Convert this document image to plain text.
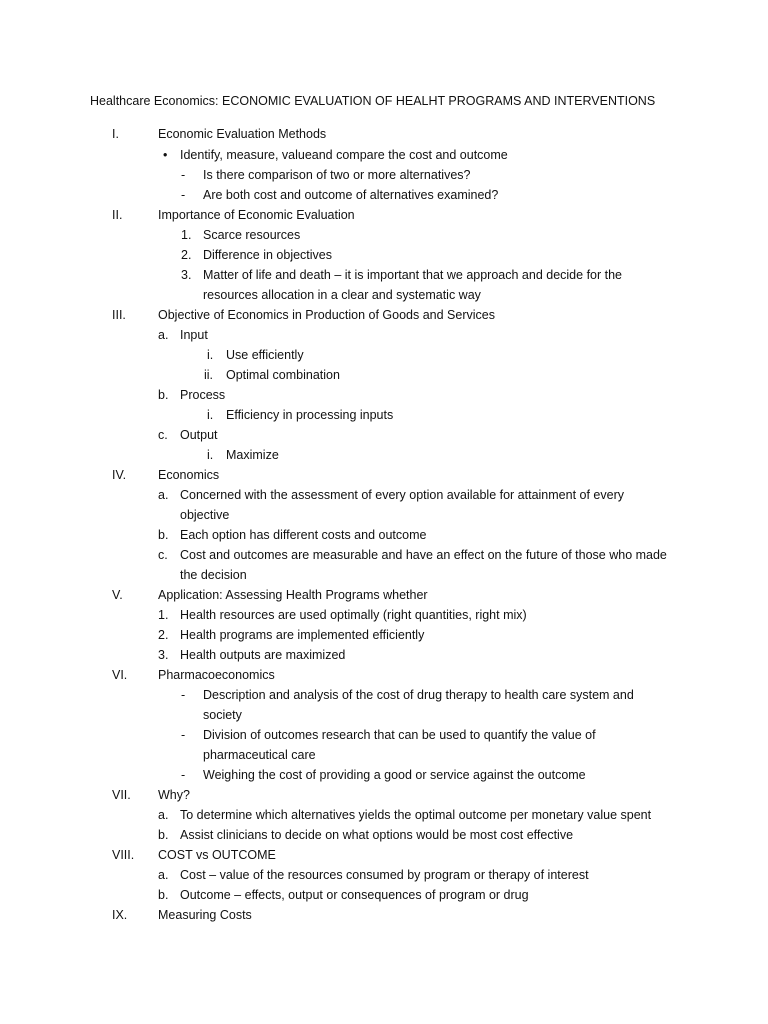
Healthcare Economics: ECONOMIC EVALUATION OF HEALHT PROGRAMS AND INTERVENTIONS
I.	Economic Evaluation Methods
• Identify, measure, valueand compare the cost and outcome
- Is there comparison of two or more alternatives?
- Are both cost and outcome of alternatives examined?
II.	Importance of Economic Evaluation
1. Scarce resources
2. Difference in objectives
3. Matter of life and death – it is important that we approach and decide for the
resources allocation in a clear and systematic way
III.	Objective of Economics in Production of Goods and Services
a. Input
i. Use efficiently
ii. Optimal combination
b. Process
i. Efficiency in processing inputs
c. Output
i. Maximize
IV.	Economics
a. Concerned with the assessment of every option available for attainment of every
objective
b. Each option has different costs and outcome
c. Cost and outcomes are measurable and have an effect on the future of those who made
the decision
V.	Application: Assessing Health Programs whether
1. Health resources are used optimally (right quantities, right mix)
2. Health programs are implemented efficiently
3. Health outputs are maximized
VI. Pharmacoeconomics
- Description and analysis of the cost of drug therapy to health care system and
society
- Division of outcomes research that can be used to quantify the value of
pharmaceutical care
- Weighing the cost of providing a good or service against the outcome
VII. Why?
a. To determine which alternatives yields the optimal outcome per monetary value spent
b. Assist clinicians to decide on what options would be most cost effective
VIII. COST vs OUTCOME
a. Cost – value of the resources consumed by program or therapy of interest
b. Outcome – effects, output or consequences of program or drug
IX. Measuring Costs
